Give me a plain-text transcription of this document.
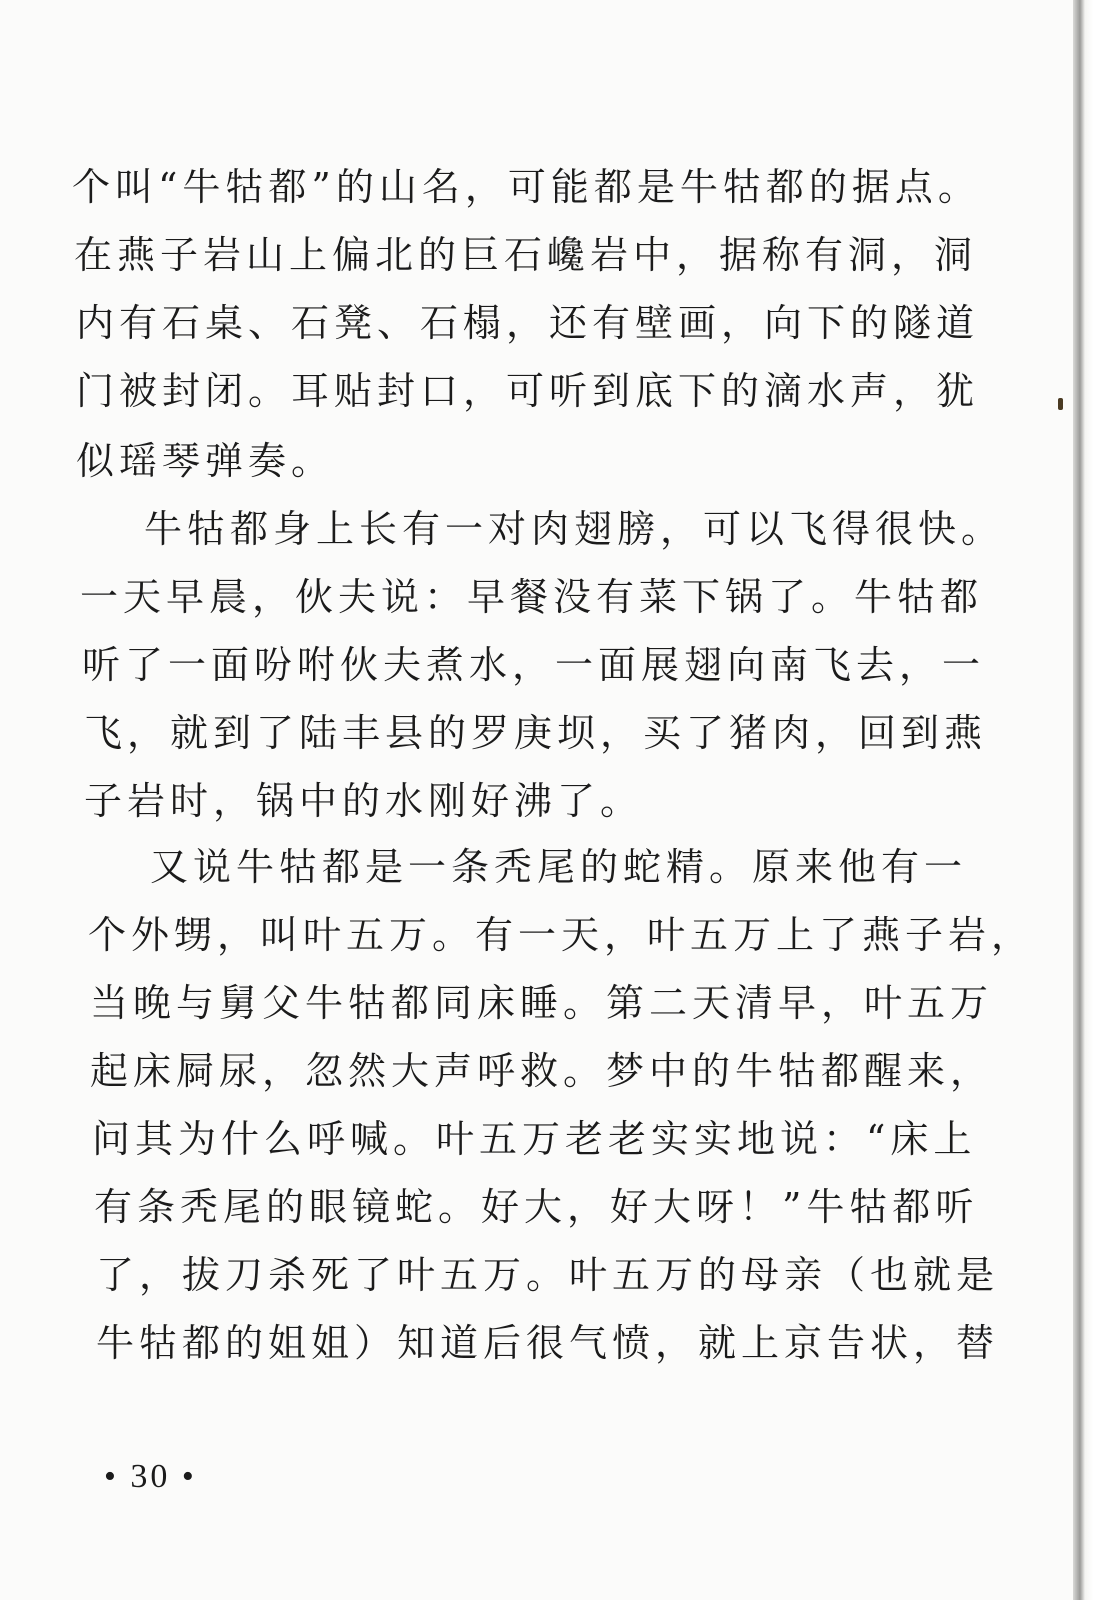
个叫“牛牯都”的山名，可能都是牛牯都的据点。
在燕子岩山上偏北的巨石巉岩中，据称有洞，洞
内有石桌、石凳、石榻，还有壁画，向下的隧道
门被封闭。耳贴封口，可听到底下的滴水声，犹
似瑶琴弹奏。
牛牯都身上长有一对肉翅膀，可以飞得很快。
一天早晨，伙夫说：早餐没有菜下锅了。牛牯都
听了一面吩咐伙夫煮水，一面展翅向南飞去，一
飞，就到了陆丰县的罗庚坝，买了猪肉，回到燕
子岩时，锅中的水刚好沸了。
又说牛牯都是一条秃尾的蛇精。原来他有一
个外甥，叫叶五万。有一天，叶五万上了燕子岩，
当晚与舅父牛牯都同床睡。第二天清早，叶五万
起床屙尿，忽然大声呼救。梦中的牛牯都醒来，
问其为什么呼喊。叶五万老老实实地说：“床上
有条秃尾的眼镜蛇。好大，好大呀！”牛牯都听
了，拔刀杀死了叶五万。叶五万的母亲（也就是
牛牯都的姐姐）知道后很气愤，就上京告状，替
• 30 •
